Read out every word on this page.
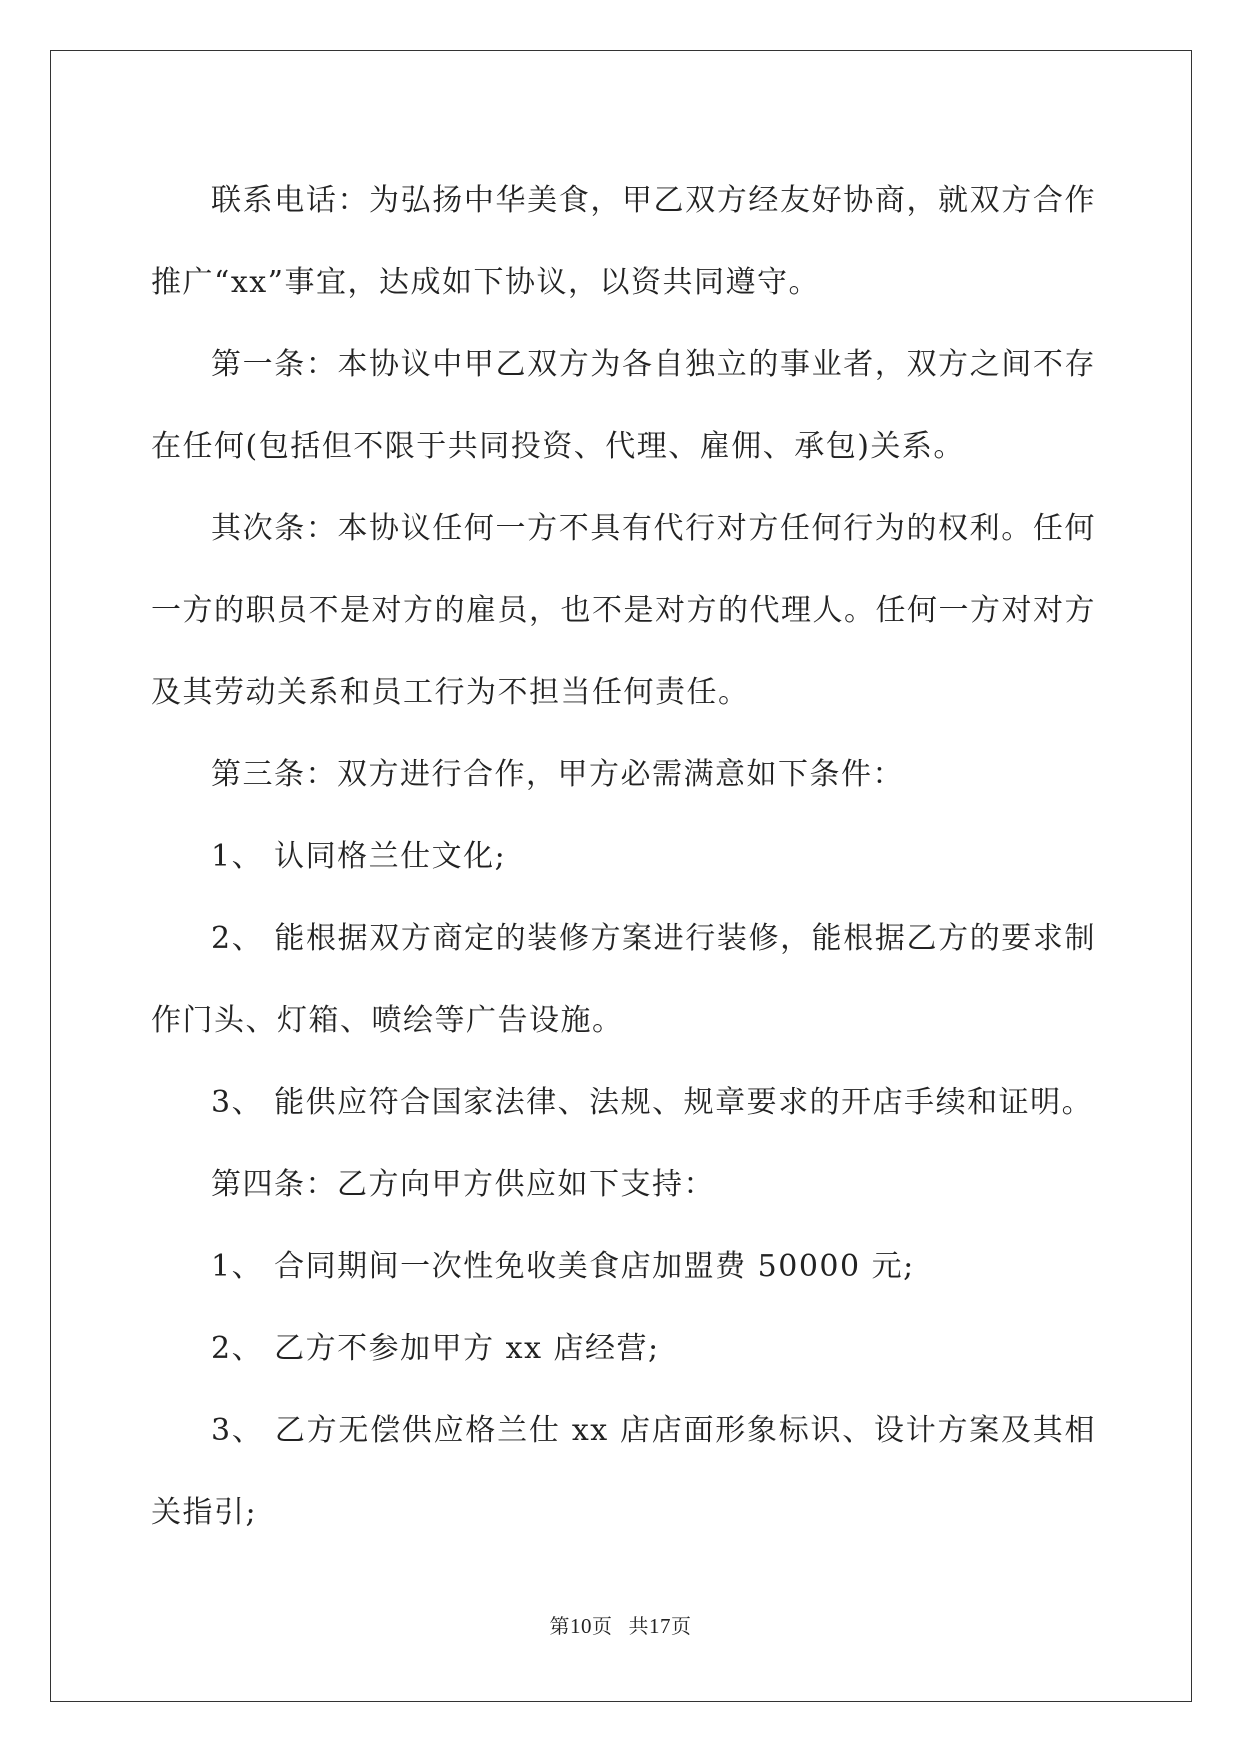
联系电话：为弘扬中华美食，甲乙双方经友好协商，就双方合作推广“xx”事宜，达成如下协议，以资共同遵守。

第一条：本协议中甲乙双方为各自独立的事业者，双方之间不存在任何(包括但不限于共同投资、代理、雇佣、承包)关系。

其次条：本协议任何一方不具有代行对方任何行为的权利。任何一方的职员不是对方的雇员，也不是对方的代理人。任何一方对对方及其劳动关系和员工行为不担当任何责任。

第三条：双方进行合作，甲方必需满意如下条件：

1、 认同格兰仕文化;

2、 能根据双方商定的装修方案进行装修，能根据乙方的要求制作门头、灯箱、喷绘等广告设施。

3、 能供应符合国家法律、法规、规章要求的开店手续和证明。

第四条：乙方向甲方供应如下支持：

1、 合同期间一次性免收美食店加盟费 50000 元;

2、 乙方不参加甲方 xx 店经营;

3、 乙方无偿供应格兰仕 xx 店店面形象标识、设计方案及其相关指引;

第10页 共17页
